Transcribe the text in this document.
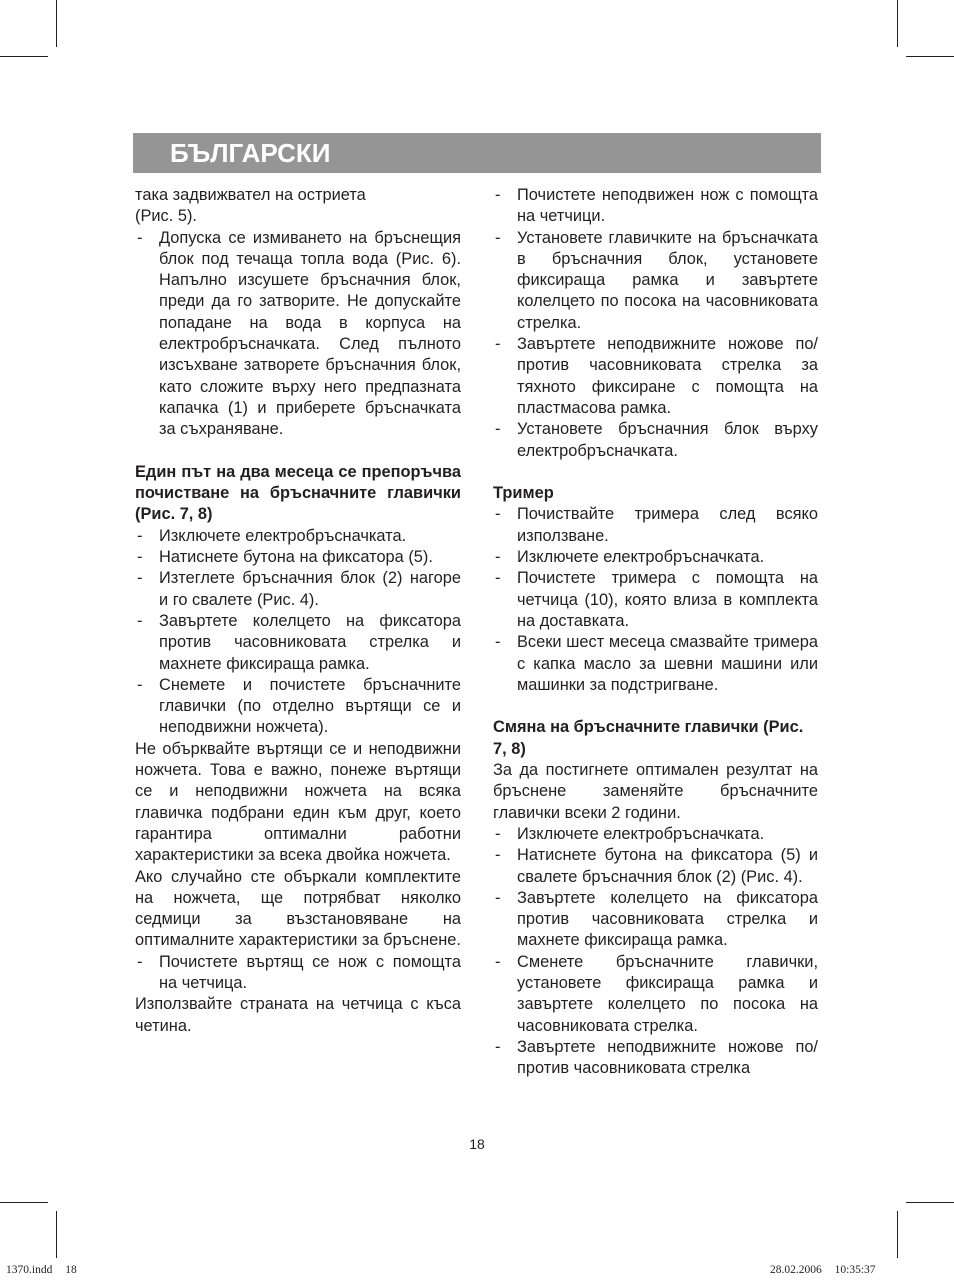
БЪЛГАРСКИ

така задвижвател на остриета

(Рис. 5).

- Допуска се измиването на бръснещия блок под течаща топла вода (Рис. 6). Напълно изсушете бръсначния блок, преди да го затворите. Не допускайте попадане на вода в корпуса на електробръсначката. След пълното изсъхване затворете бръсначния блок, като сложите върху него предпазната капачка (1) и приберете бръсначката за съхраняване.
Един път на два месеца се препоръчва почистване на бръсначните главички (Рис. 7, 8)
- Изключете електробръсначката.
- Натиснете бутона на фиксатора (5).
- Изтеглете бръсначния блок (2) нагоре и го свалете (Рис. 4).
- Завъртете колелцето на фиксатора против часовниковата стрелка и махнете фиксираща рамка.
- Снемете и почистете бръсначните главички (по отделно въртящи се и неподвижни ножчета).

Не обърквайте въртящи се и неподвижни ножчета. Това е важно, понеже въртящи се и неподвижни ножчета на всяка главичка подбрани един към друг, което гарантира оптимални работни характеристики за всека двойка ножчета.

Ако случайно сте объркали комплектите на ножчета, ще потрябват няколко седмици за възстановяване на оптималните характеристики за бръснене.

- Почистете въртящ се нож с помощта на четчица.

Използвайте страната на четчица с къса четина.

- Почистете неподвижен нож с помощта на четчици.
- Установете главичките на бръсначката в бръсначния блок, установете фиксираща рамка и завъртете колелцето по посока на часовниковата стрелка.
- Завъртете неподвижните ножове по/против часовниковата стрелка за тяхното фиксиране с помощта на пластмасова рамка.
- Установете бръсначния блок върху електробръсначката.
Тример
- Почиствайте тримера след всяко използване.
- Изключете електробръсначката.
- Почистете тримера с помощта на четчица (10), която влиза в комплекта на доставката.
- Всеки шест месеца смазвайте тримера с капка масло за шевни машини или машинки за подстригване.
Смяна на бръсначните главички (Рис. 7, 8)

За да постигнете оптимален резултат на бръснене заменяйте бръсначните главички всеки 2 години.

- Изключете електробръсначката.
- Натиснете бутона на фиксатора (5) и свалете бръсначния блок (2) (Рис. 4).
- Завъртете колелцето на фиксатора против часовниковата стрелка и махнете фиксираща рамка.
- Сменете бръсначните главички, установете фиксираща рамка и завъртете колелцето по посока на часовниковата стрелка.
- Завъртете неподвижните ножове по/против часовниковата стрелка
18
1370.indd 18	28.02.2006 10:35:37
